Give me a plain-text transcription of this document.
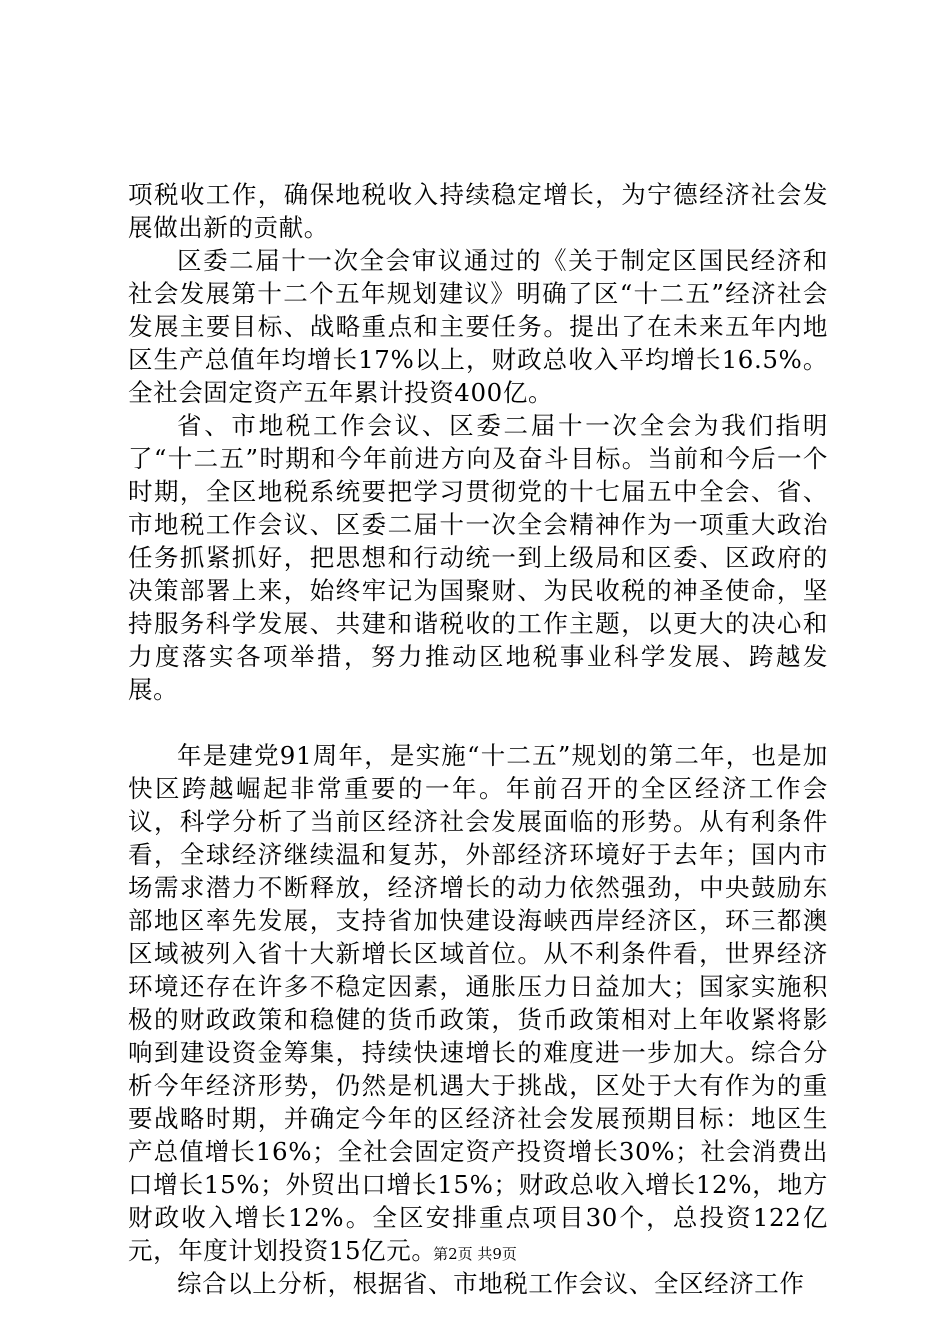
项税收工作，确保地税收入持续稳定增长，为宁德经济社会发展做出新的贡献。

区委二届十一次全会审议通过的《关于制定区国民经济和社会发展第十二个五年规划建议》明确了区“十二五”经济社会发展主要目标、战略重点和主要任务。提出了在未来五年内地区生产总值年均增长17%以上，财政总收入平均增长16.5%。全社会固定资产五年累计投资400亿。

省、市地税工作会议、区委二届十一次全会为我们指明了“十二五”时期和今年前进方向及奋斗目标。当前和今后一个时期，全区地税系统要把学习贯彻党的十七届五中全会、省、市地税工作会议、区委二届十一次全会精神作为一项重大政治任务抓紧抓好，把思想和行动统一到上级局和区委、区政府的决策部署上来，始终牢记为国聚财、为民收税的神圣使命，坚持服务科学发展、共建和谐税收的工作主题，以更大的决心和力度落实各项举措，努力推动区地税事业科学发展、跨越发展。

年是建党91周年，是实施“十二五”规划的第二年，也是加快区跨越崛起非常重要的一年。年前召开的全区经济工作会议，科学分析了当前区经济社会发展面临的形势。从有利条件看，全球经济继续温和复苏，外部经济环境好于去年；国内市场需求潜力不断释放，经济增长的动力依然强劲，中央鼓励东部地区率先发展，支持省加快建设海峡西岸经济区，环三都澳区域被列入省十大新增长区域首位。从不利条件看，世界经济环境还存在许多不稳定因素，通胀压力日益加大；国家实施积极的财政政策和稳健的货币政策，货币政策相对上年收紧将影响到建设资金筹集，持续快速增长的难度进一步加大。综合分析今年经济形势，仍然是机遇大于挑战，区处于大有作为的重要战略时期，并确定今年的区经济社会发展预期目标：地区生产总值增长16%；全社会固定资产投资增长30%；社会消费出口增长15%；外贸出口增长15%；财政总收入增长12%，地方财政收入增长12%。全区安排重点项目30个，总投资122亿元，年度计划投资15亿元。

综合以上分析，根据省、市地税工作会议、全区经济工作

第2页 共9页
